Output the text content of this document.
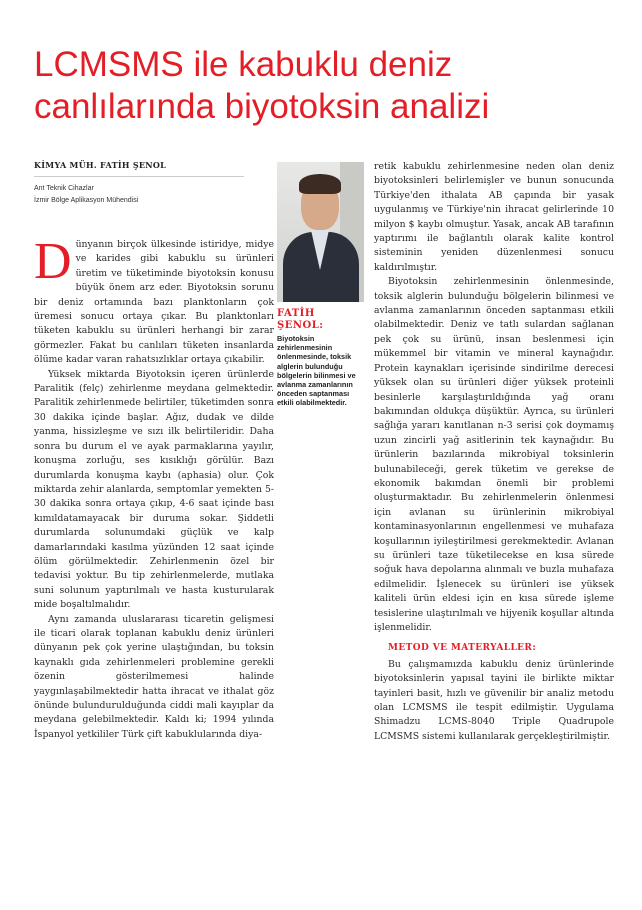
LCMSMS ile kabuklu deniz canlılarında biyotoksin analizi
KİMYA MÜH. FATİH ŞENOL
Ant Teknik Cihazlar
İzmir Bölge Aplikasyon Mühendisi

Dünyanın birçok ülkesinde istiridye, midye ve karides gibi kabuklu su ürünleri üretim ve tüketiminde biyotoksin konusu büyük önem arz eder. Biyotoksin sorunu bir deniz ortamında bazı planktonların çok üremesi sonucu ortaya çıkar. Bu planktonları tüketen kabuklu su ürünleri herhangi bir zarar görmezler. Fakat bu canlıları tüketen insanlarda ölüme kadar varan rahatsızlıklar ortaya çıkabilir.

Yüksek miktarda Biyotoksin içeren ürünlerde Paralitik (felç) zehirlenme meydana gelmektedir. Paralitik zehirlenmede belirtiler, tüketimden sonra 30 dakika içinde başlar. Ağız, dudak ve dilde yanma, hissizleşme ve sızı ilk belirtileridir. Daha sonra bu durum el ve ayak parmaklarına yayılır, konuşma zorluğu, ses kısıklığı görülür. Bazı durumlarda konuşma kaybı (aphasia) olur. Çok miktarda zehir alanlarda, semptomlar yemekten 5-30 dakika sonra ortaya çıkıp, 4-6 saat içinde bası kımıldatamayacak bir duruma sokar. Şiddetli durumlarda solunumdaki güçlük ve kalp damarlarındaki kasılma yüzünden 12 saat içinde ölüm görülmektedir. Zehirlenmenin özel bir tedavisi yoktur. Bu tip zehirlenmelerde, mutlaka suni solunum yaptırılmalı ve hasta kusturularak mide boşaltılmalıdır.

Aynı zamanda uluslararası ticaretin gelişmesi ile ticari olarak toplanan kabuklu deniz ürünleri dünyanın pek çok yerine ulaştığından, bu toksin kaynaklı gıda zehirlenmeleri problemine gerekli özenin gösterilmemesi halinde yaygınlaşabilmektedir hatta ihracat ve ithalat göz önünde bulundurulduğunda ciddi mali kayıplar da meydana gelebilmektedir. Kaldı ki; 1994 yılında İspanyol yetkililer Türk çift kabuklularında diya-

FATİH
ŞENOL:
Biyotoksin zehirlenmesinin önlenmesinde, toksik alglerin bulunduğu bölgelerin bilinmesi ve avlanma zamanlarının önceden saptanması etkili olabilmektedir.

retik kabuklu zehirlenmesine neden olan deniz biyotoksinleri belirlemişler ve bunun sonucunda Türkiye'den ithalata AB çapında bir yasak uygulanmış ve Türkiye'nin ihracat gelirlerinde 10 milyon $ kaybı olmuştur. Yasak, ancak AB tarafının yaptırımı ile bağlantılı olarak kalite kontrol sisteminin yeniden düzenlenmesi sonucu kaldırılmıştır.

Biyotoksin zehirlenmesinin önlenmesinde, toksik alglerin bulunduğu bölgelerin bilinmesi ve avlanma zamanlarının önceden saptanması etkili olabilmektedir. Deniz ve tatlı sulardan sağlanan pek çok su ürünü, insan beslenmesi için mükemmel bir vitamin ve mineral kaynağıdır. Protein kaynakları içerisinde sindirilme derecesi yüksek olan su ürünleri diğer yüksek proteinli besinlerle karşılaştırıldığında yağ oranı bakımından oldukça düşüktür. Ayrıca, su ürünleri sağlığa yararı kanıtlanan n-3 serisi çok doymamış uzun zincirli yağ asitlerinin tek kaynağıdır. Bu ürünlerin bazılarında mikrobiyal toksinlerin bulunabileceği, gerek tüketim ve gerekse de ekonomik bakımdan önemli bir problemi oluşturmaktadır. Bu zehirlenmelerin önlenmesi için avlanan su ürünlerinin mikrobiyal kontaminasyonlarının engellenmesi ve muhafaza koşullarının iyileştirilmesi gerekmektedir. Avlanan su ürünleri taze tüketilecekse en kısa sürede soğuk hava depolarına alınmalı ve buzla muhafaza edilmelidir. İşlenecek su ürünleri ise yüksek kaliteli ürün eldesi için en kısa sürede işleme tesislerine ulaştırılmalı ve hijyenik koşullar altında işlenmelidir.

METOD VE MATERYALLER:

Bu çalışmamızda kabuklu deniz ürünlerinde biyotoksinlerin yapısal tayini ile birlikte miktar tayinleri basit, hızlı ve güvenilir bir analiz metodu olan LCMSMS ile tespit edilmiştir. Uygulama Shimadzu LCMS-8040 Triple Quadrupole LCMSMS sistemi kullanılarak gerçekleştirilmiştir.
